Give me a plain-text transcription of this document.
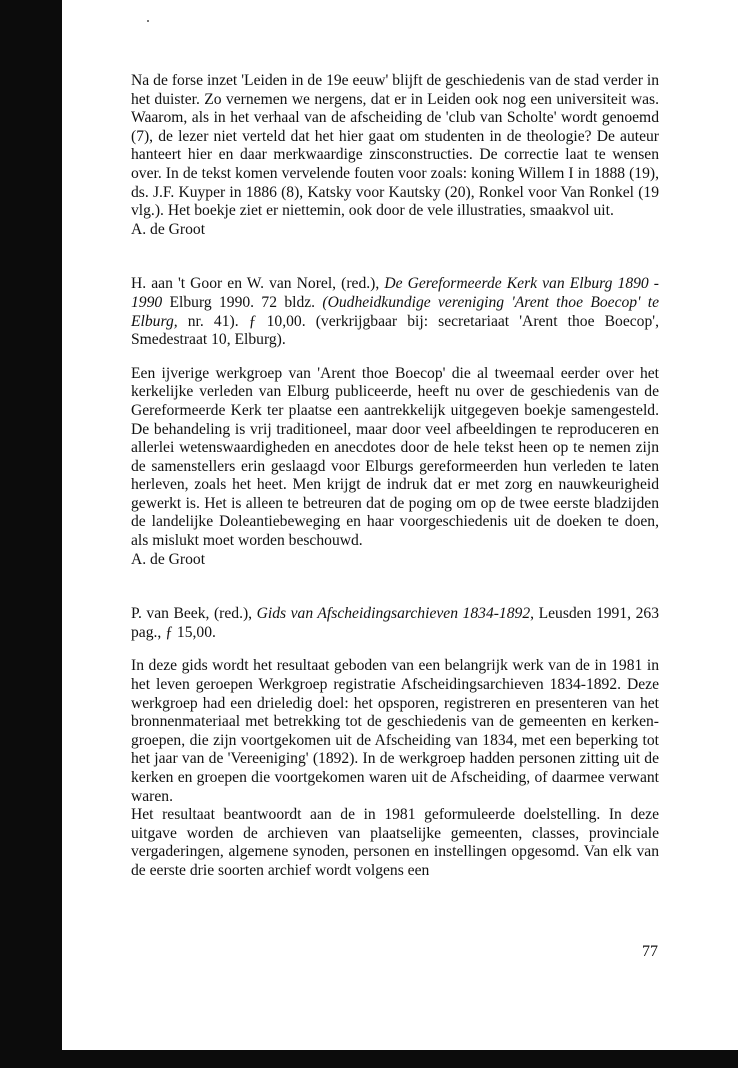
Na de forse inzet 'Leiden in de 19e eeuw' blijft de geschiedenis van de stad verder in het duister. Zo vernemen we nergens, dat er in Leiden ook nog een universiteit was. Waarom, als in het verhaal van de afscheiding de 'club van Scholte' wordt genoemd (7), de lezer niet verteld dat het hier gaat om studenten in de theologie? De auteur hanteert hier en daar merkwaardige zinsconstructies. De correctie laat te wensen over. In de tekst komen vervelende fouten voor zoals: koning Willem I in 1888 (19), ds. J.F. Kuyper in 1886 (8), Katsky voor Kautsky (20), Ronkel voor Van Ronkel (19 vlg.). Het boekje ziet er niettemin, ook door de vele illustraties, smaakvol uit.

A. de Groot

H. aan 't Goor en W. van Norel, (red.), De Gereformeerde Kerk van Elburg 1890 - 1990 Elburg 1990. 72 bldz. (Oudheidkundige vereniging 'Arent thoe Boecop' te Elburg, nr. 41). ƒ 10,00. (verkrijgbaar bij: secretariaat 'Arent thoe Boecop', Smedestraat 10, Elburg).

Een ijverige werkgroep van 'Arent thoe Boecop' die al tweemaal eerder over het kerkelijke verleden van Elburg publiceerde, heeft nu over de geschiedenis van de Gereformeerde Kerk ter plaatse een aantrekkelijk uitgegeven boekje samengesteld. De behandeling is vrij traditioneel, maar door veel afbeeldingen te reproduceren en allerlei wetenswaardigheden en anecdotes door de hele tekst heen op te nemen zijn de samenstellers erin geslaagd voor Elburgs gereformeerden hun verleden te laten herleven, zoals het heet. Men krijgt de indruk dat er met zorg en nauwkeurigheid gewerkt is. Het is alleen te betreuren dat de poging om op de twee eerste bladzijden de landelijke Doleantiebeweging en haar voorgeschiedenis uit de doeken te doen, als mislukt moet worden beschouwd.

A. de Groot

P. van Beek, (red.), Gids van Afscheidingsarchieven 1834-1892, Leusden 1991, 263 pag., ƒ 15,00.

In deze gids wordt het resultaat geboden van een belangrijk werk van de in 1981 in het leven geroepen Werkgroep registratie Afscheidingsarchieven 1834-1892. Deze werkgroep had een drieledig doel: het opsporen, registreren en presenteren van het bronnenmateriaal met betrekking tot de geschiedenis van de gemeenten en kerken-groepen, die zijn voortgekomen uit de Afscheiding van 1834, met een beperking tot het jaar van de 'Vereeniging' (1892). In de werkgroep hadden personen zitting uit de kerken en groepen die voortgekomen waren uit de Afscheiding, of daarmee verwant waren.

Het resultaat beantwoordt aan de in 1981 geformuleerde doelstelling. In deze uitgave worden de archieven van plaatselijke gemeenten, classes, provinciale vergaderingen, algemene synoden, personen en instellingen opgesomd. Van elk van de eerste drie soorten archief wordt volgens een

77
